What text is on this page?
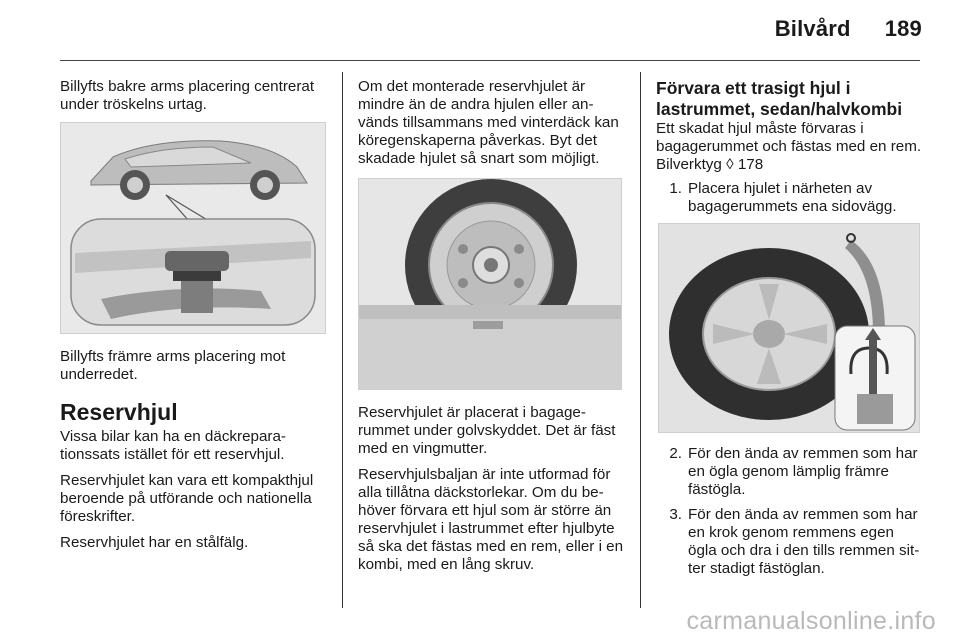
Bilvård 189

Billyfts bakre arms placering centrerat under tröskelns urtag.

Billyfts främre arms placering mot underredet.

Reservhjul

Vissa bilar kan ha en däckreparationssats istället för ett reservhjul.

Reservhjulet kan vara ett kompakthjul beroende på utförande och nationella föreskrifter.

Reservhjulet har en stålfälg.

Om det monterade reservhjulet är mindre än de andra hjulen eller används tillsammans med vinterdäck kan köregenskaperna påverkas. Byt det skadade hjulet så snart som möjligt.

Reservhjulet är placerat i bagagerummet under golvskyddet. Det är fäst med en vingmutter.

Reservhjulsbaljan är inte utformad för alla tillåtna däckstorlekar. Om du behöver förvara ett hjul som är större än reservhjulet i lastrummet efter hjulbyte så ska det fästas med en rem, eller i en kombi, med en lång skruv.

Förvara ett trasigt hjul i lastrummet, sedan/halvkombi

Ett skadat hjul måste förvaras i bagagerummet och fästas med en rem. Bilverktyg ◊ 178

1. Placera hjulet i närheten av bagagerummets ena sidovägg.
2. För den ända av remmen som har en ögla genom lämplig främre fästögla.
3. För den ända av remmen som har en krok genom remmens egen ögla och dra i den tills remmen sitter stadigt fästöglan.
carmanualsonline.info
